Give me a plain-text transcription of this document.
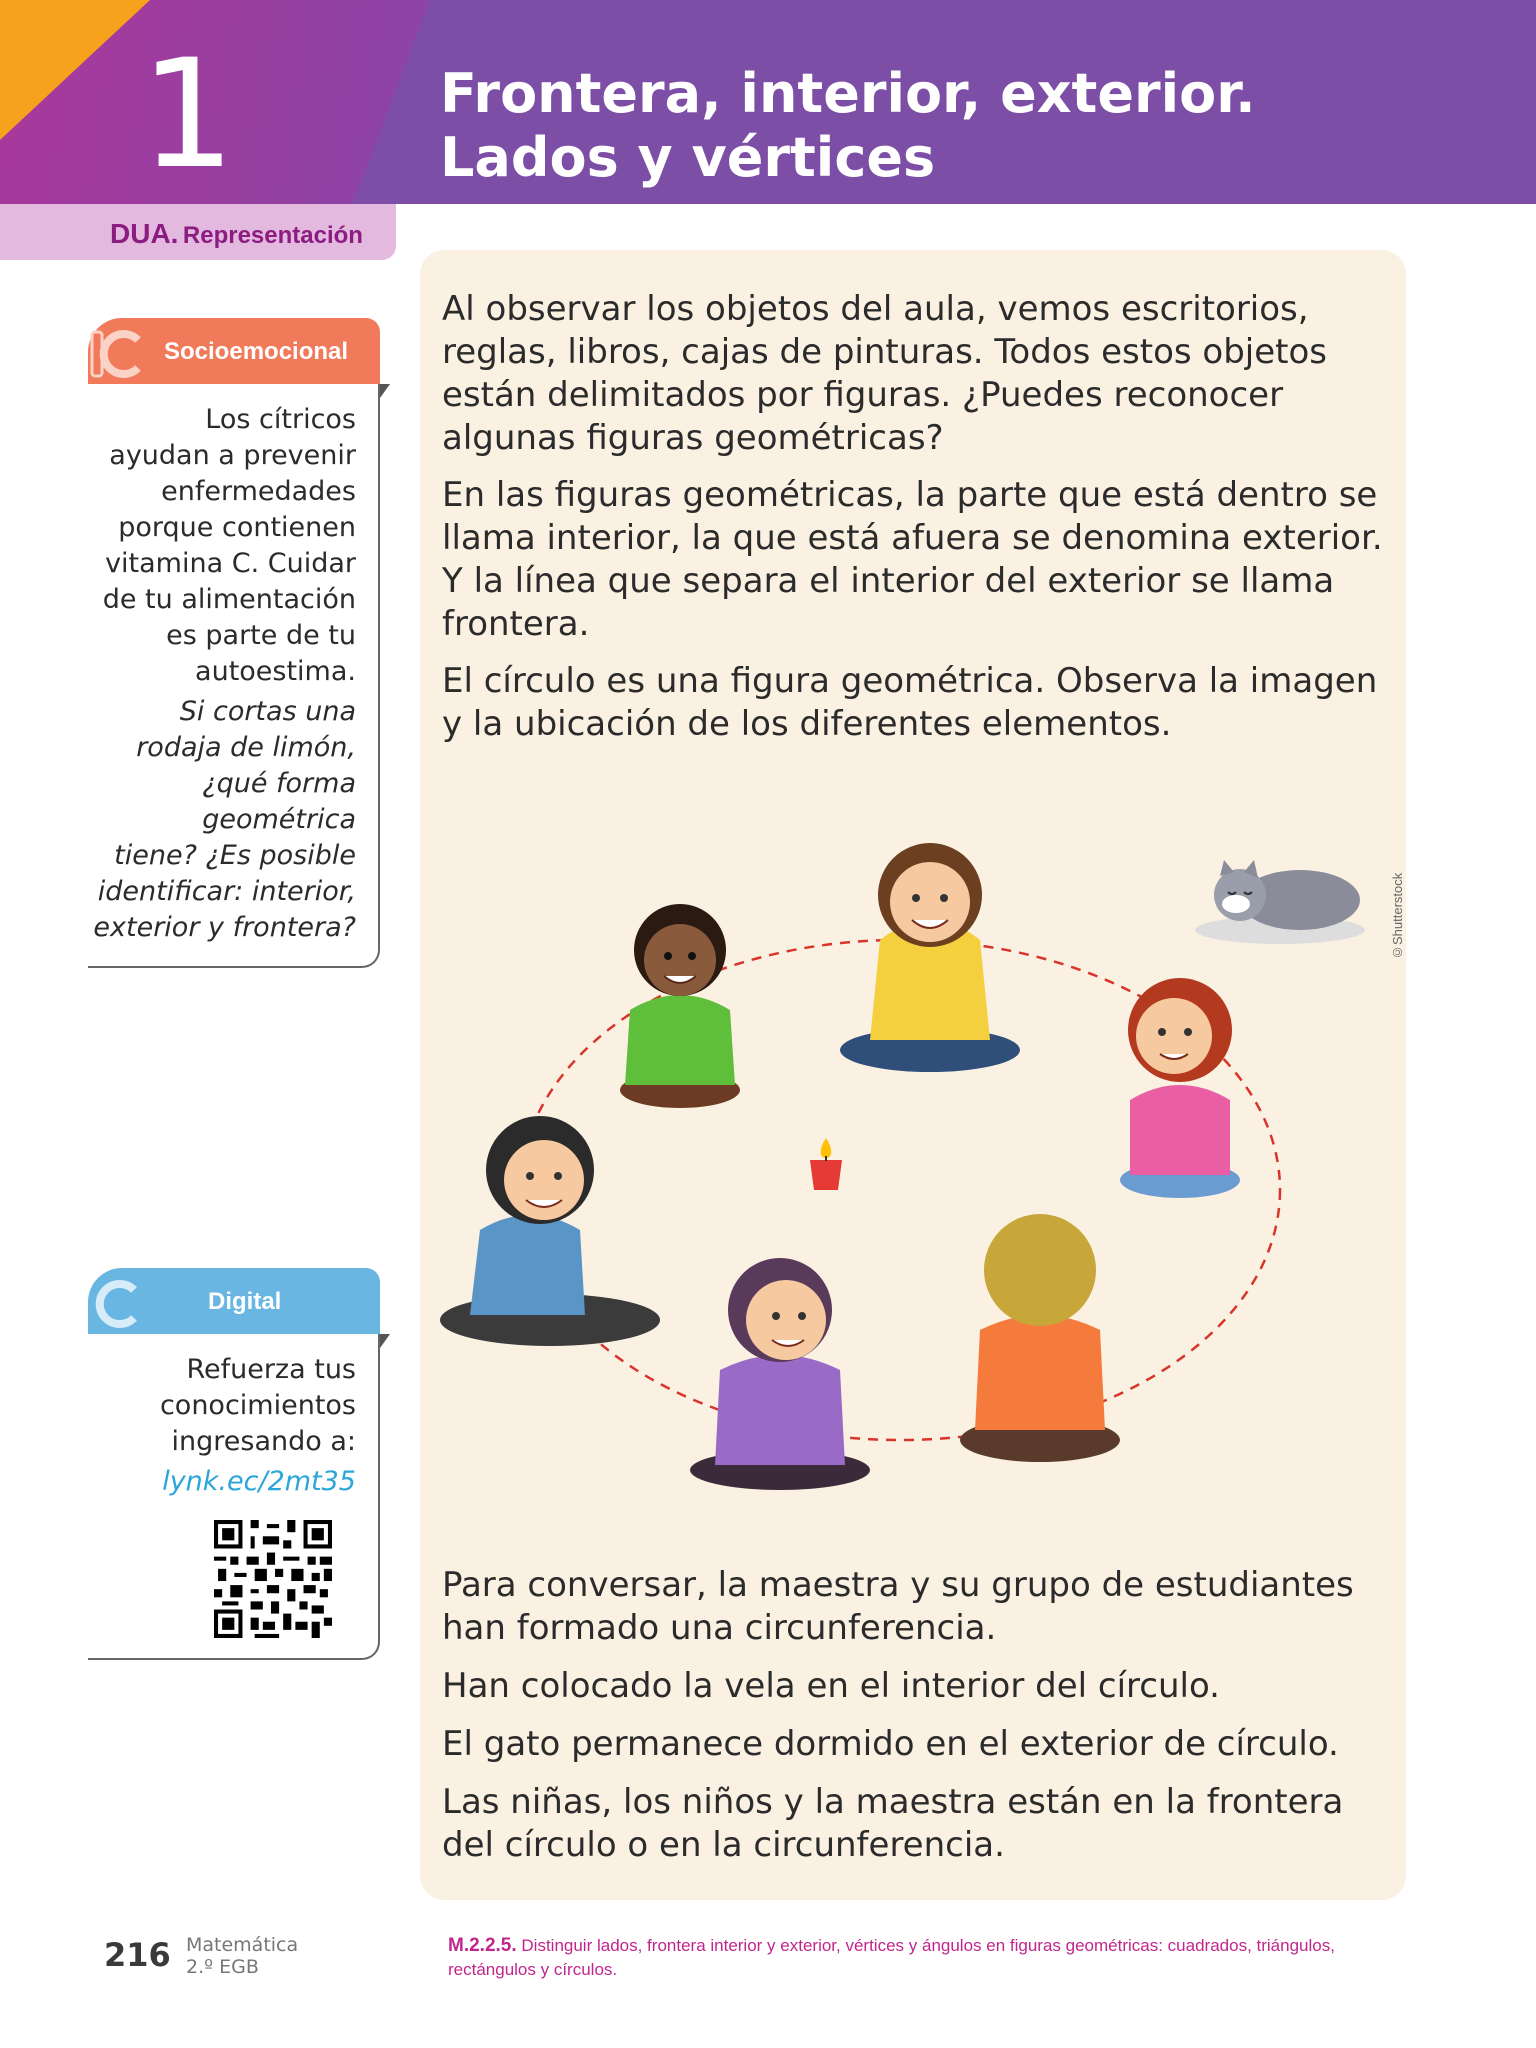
1	Frontera, interior, exterior.
Lados y vértices
DUA. Representación
Socioemocional
Los cítricos
ayudan a prevenir
enfermedades
porque contienen
vitamina C. Cuidar
de tu alimentación
es parte de tu
autoestima.
Si cortas una
rodaja de limón,
¿qué forma
geométrica
tiene? ¿Es posible
identificar: interior,
exterior y frontera?
Digital
Refuerza tus
conocimientos
ingresando a:
lynk.ec/2mt35
Al observar los objetos del aula, vemos escritorios, reglas, libros, cajas de pinturas. Todos estos objetos están delimitados por figuras. ¿Puedes reconocer algunas figuras geométricas?
En las figuras geométricas, la parte que está dentro se llama interior, la que está afuera se denomina exterior. Y la línea que separa el interior del exterior se llama frontera.
El círculo es una figura geométrica. Observa la imagen y la ubicación de los diferentes elementos.
©Shutterstock
Para conversar, la maestra y su grupo de estudiantes han formado una circunferencia.
Han colocado la vela en el interior del círculo.
El gato permanece dormido en el exterior de círculo.
Las niñas, los niños y la maestra están en la frontera del círculo o en la circunferencia.
216 Matemática
2.º EGB
M.2.2.5. Distinguir lados, frontera interior y exterior, vértices y ángulos en figuras geométricas: cuadrados, triángulos, rectángulos y círculos.
